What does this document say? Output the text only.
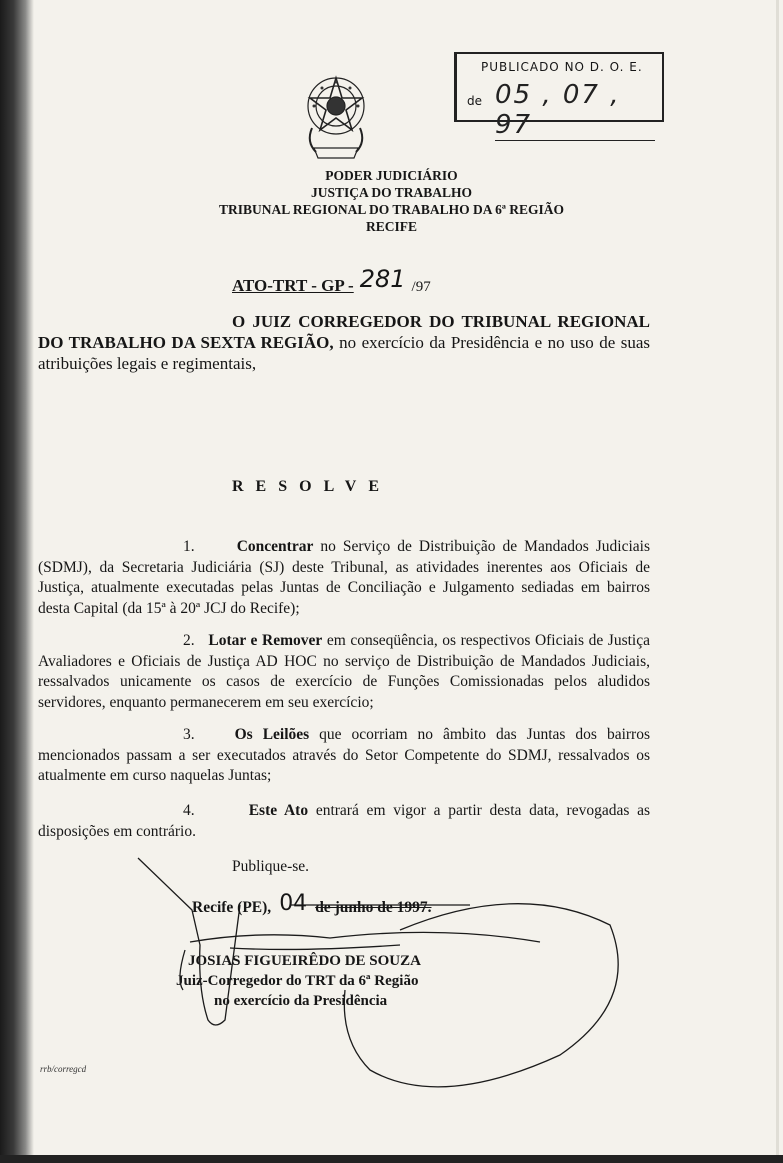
PUBLICADO NO D. O. E.
de 05 , 07 , 97
PODER JUDICIÁRIO
JUSTIÇA DO TRABALHO
TRIBUNAL REGIONAL DO TRABALHO DA 6ª REGIÃO
RECIFE
ATO-TRT - GP - 281 /97
O JUIZ CORREGEDOR DO TRIBUNAL REGIONAL DO TRABALHO DA SEXTA REGIÃO, no exercício da Presidência e no uso de suas atribuições legais e regimentais,
RESOLVE
1.	Concentrar no Serviço de Distribuição de Mandados Judiciais (SDMJ), da Secretaria Judiciária (SJ) deste Tribunal, as atividades inerentes aos Oficiais de Justiça, atualmente executadas pelas Juntas de Conciliação e Julgamento sediadas em bairros desta Capital (da 15ª à 20ª JCJ do Recife);
2. Lotar e Remover em conseqüência, os respectivos Oficiais de Justiça Avaliadores e Oficiais de Justiça AD HOC no serviço de Distribuição de Mandados Judiciais, ressalvados unicamente os casos de exercício de Funções Comissionadas pelos aludidos servidores, enquanto permanecerem em seu exercício;
3.	Os Leilões que ocorriam no âmbito das Juntas dos bairros mencionados passam a ser executados através do Setor Competente do SDMJ, ressalvados os atualmente em curso naquelas Juntas;
4.	Este Ato entrará em vigor a partir desta data, revogadas as disposições em contrário.
Publique-se.
Recife (PE), 04 de junho de 1997.
JOSIAS FIGUEIRÊDO DE SOUZA
Juiz-Corregedor do TRT da 6ª Região
no exercício da Presidência
rrb/corregcd
